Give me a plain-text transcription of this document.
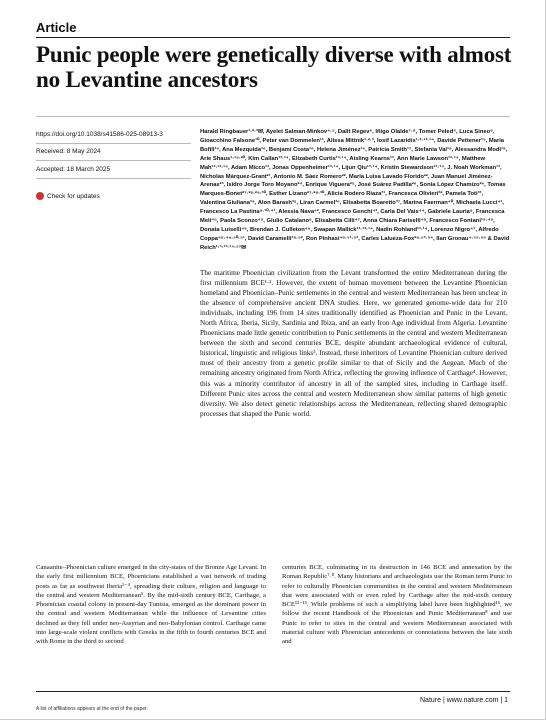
Article
Punic people were genetically diverse with almost no Levantine ancestors
https://doi.org/10.1038/s41586-025-08913-3
Received: 8 May 2024
Accepted: 18 March 2025
Check for updates
Harald Ringbauer¹·²·³✉, Ayelet Salman-Minkov⁴·⁵, Dalit Regev⁶, Iñigo Olalde⁷·⁸, Tomer Peled⁴, Luca Sineo⁹, Gioacchino Falsone¹⁰, Peter van Dommelen¹¹, Alissa Mittnik¹·²·³, Iosif Lazaridis¹·²·¹³·¹⁴, Davide Pettener¹⁵, Maria Bofill¹⁶, Ana Mezquida¹⁶, Benjamí Costa¹⁶, Helena Jiménez¹⁶, Patricia Smith¹⁷, Stefania Vai¹⁸, Alessandra Modi¹⁸, Arie Shaus¹·¹⁹·²⁰, Kim Callan¹³·¹⁴, Elizabeth Curtis¹³·¹⁴, Aisling Kearns¹³, Ann Marie Lawson¹³·¹⁴, Matthew Mah¹³·¹³·¹⁴, Adam Micco¹³, Jonas Oppenheimer¹³·¹⁴, Lijun Qiu¹³·¹⁴, Kristin Stewardson¹³·¹⁴, J. Noah Workman¹³, Nicholas Márquez-Grant²¹, Antonio M. Sáez Romero²², María Luisa Lavado Florido²², Juan Manuel Jiménez-Arenas²³, Isidro Jorge Toro Moyano²⁴, Enrique Viguera²⁵, José Suárez Padilla²⁶, Sonia López Chamizo²⁶, Tomas Marques-Bonet²⁷·²⁸·²⁹·³⁰, Esther Lizano²⁷·²⁸·³⁰, Alicia Rodero Riaza³¹, Francesca Olivieri³², Pamela Toti³³, Valentina Giuliana³⁴, Alon Barash³⁵, Liran Carmel³⁶, Elisabetta Boaretto³⁷, Marina Faerman⁴⁰, Michaela Lucci⁴¹, Francesco La Pastina⁹·¹⁰·⁴¹, Alessia Nava⁴², Francesco Genchi⁴³, Carla Del Vais⁴⁴, Gabriele Lauria⁹, Francesca Meli⁴⁵, Paola Sconzo⁴⁶, Giulio Catalano⁹, Elisabetta Cilli⁴⁷, Anna Chiara Fariselli⁴⁸, Francesco Fontani¹⁵·⁴⁸, Donata Luiselli⁴⁸, Brendan J. Culleton⁴⁹, Swapan Mallick¹³·¹³·¹⁴, Nadin Rohland¹³·¹⁴, Lorenzo Nigro⁴⁷, Alfredo Coppa⁴⁸·⁴⁹·⁵⁰·⁵¹, David Caramelli¹⁸·⁵², Ron Pinhasi⁴⁸·⁵¹·⁵³, Carles Lalueza-Fox²⁸·⁵³·⁵⁴, Ilan Gronau⁴·⁵⁵·⁵⁶ & David Reich¹·³·¹³·¹⁴·⁵⁷✉
The maritime Phoenician civilization from the Levant transformed the entire Mediterranean during the first millennium BCE¹·². However, the extent of human movement between the Levantine Phoenician homeland and Phoenician–Punic settlements in the central and western Mediterranean has been unclear in the absence of comprehensive ancient DNA studies. Here, we generated genome-wide data for 210 individuals, including 196 from 14 sites traditionally identified as Phoenician and Punic in the Levant, North Africa, Iberia, Sicily, Sardinia and Ibiza, and an early Iron Age individual from Algeria. Levantine Phoenicians made little genetic contribution to Punic settlements in the central and western Mediterranean between the sixth and second centuries BCE, despite abundant archaeological evidence of cultural, historical, linguistic and religious links³. Instead, these inheritors of Levantine Phoenician culture derived most of their ancestry from a genetic profile similar to that of Sicily and the Aegean. Much of the remaining ancestry originated from North Africa, reflecting the growing influence of Carthage⁴. However, this was a minority contributor of ancestry in all of the sampled sites, including in Carthage itself. Different Punic sites across the central and western Mediterranean show similar patterns of high genetic diversity. We also detect genetic relationships across the Mediterranean, reflecting shared demographic processes that shaped the Punic world.
Canaanite–Phoenician culture emerged in the city-states of the Bronze Age Levant. In the early first millennium BCE, Phoenicians established a vast network of trading posts as far as southwest Iberia¹⁻⁴, spreading their culture, religion and language to the central and western Mediterranean⁵. By the mid-sixth century BCE, Carthage, a Phoenician coastal colony in present-day Tunisia, emerged as the dominant power in the central and western Mediterranean while the influence of Levantine cities declined as they fell under neo-Assyrian and neo-Babylonian control. Carthage came into large-scale violent conflicts with Greeks in the fifth to fourth centuries BCE and with Rome in the third to second
centuries BCE, culminating in its destruction in 146 BCE and annexation by the Roman Republic⁷·⁸. Many historians and archaeologists use the Roman term Punic to refer to culturally Phoenician communities in the central and western Mediterranean that were associated with or even ruled by Carthage after the mid-sixth century BCE¹³⁻¹⁵. While problems of such a simplifying label have been highlighted¹⁵, we follow the recent Handbook of the Phoenician and Punic Mediterranean⁸ and use Punic to refer to sites in the central and western Mediterranean associated with material culture with Phoenician antecedents or connotations between the late sixth and
A list of affiliations appears at the end of the paper.
Nature | www.nature.com | 1
